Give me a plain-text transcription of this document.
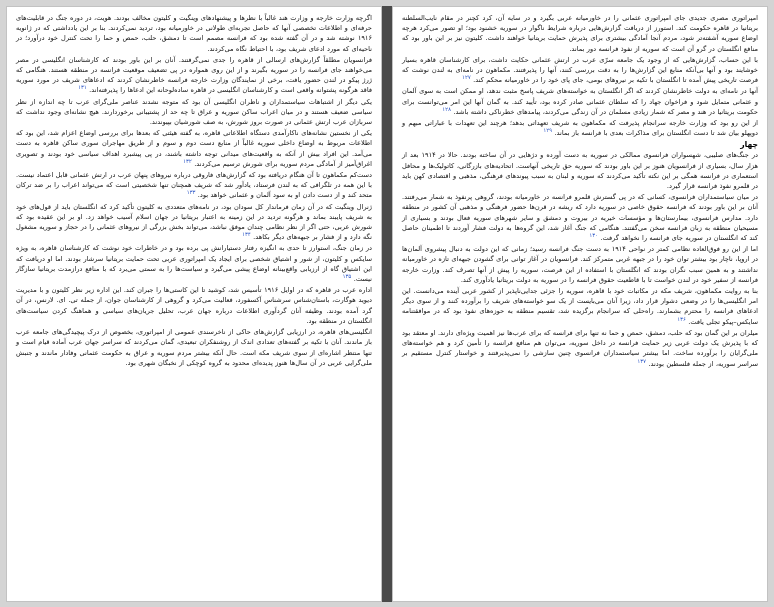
امپراتوری مصری جدیدی جای امپراتوری عثمانی را در خاورمیانه عربی بگیرد و در سایه آن، کرد کچنر در مقام نایب‌السلطنه بریتانیا در قاهره حکومت کند. استورز از دریافت گزارش‌هایی درباره شرایط ناگوار در سوریه خشنود بود؛ او تصور می‌کرد هرچه اوضاع سوریه آشفته‌تر شود، مردم آنجا آمادگی بیشتری برای پذیرش حمایت بریتانیا خواهند داشت. کلیتون نیز بر این باور بود که منافع انگلستان در گرو آن است که سوریه از نفوذ فرانسه دور بماند.

با این حساب، گزارش‌هایی که از وجود یک جامعه سرّی عرب در ارتش عثمانی حکایت داشت، برای کارشناسان قاهره بسیار خوشایند بود و آنها بی‌آنکه منابع این گزارش‌ها را به دقت بررسی کنند، آنها را پذیرفتند. مکماهون در نامه‌ای به لندن نوشت که فرصت تاریخی پیش آمده تا انگلستان با تکیه بر نیروهای بومی، جای پای خود را در خاورمیانه محکم کند. $^{۱۲۷}$

آنها در نامه‌ای به دولت خاطرنشان کردند که اگر انگلستان به خواسته‌های شریف پاسخ مثبت ندهد، او ممکن است به سوی آلمان و عثمانی متمایل شود و فراخوان جهاد را که سلطان عثمانی صادر کرده بود، تأیید کند. به گمان آنها این امر می‌توانست برای حکومت بریتانیا در هند و مصر که شمار زیادی مسلمان در آن زندگی می‌کردند، پیامدهای خطرناکی داشته باشد. $^{۱۲۸}$

از این رو بود که وزارت خارجه سرانجام پذیرفت که مکماهون به شریف تعهداتی بدهد؛ هرچند این تعهدات با عباراتی مبهم و دوپهلو بیان شد تا دست انگلستان برای مذاکرات بعدی با فرانسه باز بماند. $^{۱۲۹}$

چهار

در جنگ‌های صلیبی، شهسواران فرانسوی ممالکی در سوریه به دست آورده و دژهایی در آن ساخته بودند. حالا در ۱۹۱۴ بعد از هزار سال، بسیاری از فرانسویان هنوز بر این باور بودند که سوریه حق تاریخی آنهاست. اتحادیه‌های بازرگانی، کاتولیک‌ها و محافل استعماری در فرانسه همگی بر این نکته تأکید می‌کردند که سوریه و لبنان به سبب پیوندهای فرهنگی، مذهبی و اقتصادی کهن باید در قلمرو نفوذ فرانسه قرار گیرد.

در میان سیاستمداران فرانسوی، کسانی که در پی گسترش قلمرو فرانسه در خاورمیانه بودند، گروهی پرنفوذ به شمار می‌رفتند. آنان بر این باور بودند که فرانسه حقوق خاصی در سوریه دارد که ریشه در قرن‌ها حضور فرهنگی و مذهبی آن کشور در منطقه دارد. مدارس فرانسوی، بیمارستان‌ها و مؤسسات خیریه در بیروت و دمشق و سایر شهرهای سوریه فعال بودند و بسیاری از مسیحیان منطقه به زبان فرانسه سخن می‌گفتند. هنگامی که جنگ آغاز شد، این گروه‌ها به دولت فشار آوردند تا اطمینان حاصل کند که انگلستان در سوریه جای فرانسه را نخواهد گرفت. $^{۱۳۰}$

اما از این رو فوق‌العاده نظامی کمتر در نواحی ۱۹۱۴ به دست جنگ فرانسه رسید؛ زمانی که این دولت به دنبال پیشروی آلمان‌ها در اروپا، ناچار بود بیشتر توان خود را در جبهه غربی متمرکز کند. فرانسویان در آغاز توانی برای گشودن جبهه‌ای تازه در خاورمیانه نداشتند و به همین سبب نگران بودند که انگلستان با استفاده از این فرصت، سوریه را پیش از آنها تصرف کند. وزارت خارجه فرانسه از سفیر خود در لندن خواست تا با قاطعیت حقوق فرانسه را در سوریه به دولت بریتانیا یادآوری کند.

بنا به روایت مکماهون، شریف مکه در مکاتبات خود با قاهره، سوریه را جزئی جدایی‌ناپذیر از کشور عربی آینده می‌دانست. این امر انگلیسی‌ها را در وضعی دشوار قرار داد، زیرا آنان می‌بایست از یک سو خواسته‌های شریف را برآورده کنند و از سوی دیگر ادعاهای فرانسه را محترم بشمارند. راه‌حلی که سرانجام برگزیده شد، تقسیم منطقه به حوزه‌های نفوذ بود که در موافقتنامه سایکس–پیکو تجلی یافت. $^{۱۳۶}$

میلران بر این گمان بود که حلب، دمشق، حمص و حما نه تنها برای فرانسه که برای عرب‌ها نیز اهمیت ویژه‌ای دارند. او معتقد بود که با پذیرش یک دولت عربی زیر حمایت فرانسه در داخل سوریه، می‌توان هم منافع فرانسه را تأمین کرد و هم خواسته‌های ملی‌گرایان را برآورده ساخت. اما بیشتر سیاستمداران فرانسوی چنین سازشی را نمی‌پذیرفتند و خواستار کنترل مستقیم بر سراسر سوریه، از جمله فلسطین بودند. $^{۱۳۷}$

اگرچه وزارت خارجه و وزارت هند غالباً با نظرها و پیشنهادهای وینگیت و کلیتون مخالف بودند. هویت، در دوره جنگ در قابلیت‌های حرفه‌ای و اطلاعات تخصصی آنها که حاصل تجربه‌ای طولانی در خاورمیانه بود، تردید نمی‌کردند. بنا بر این یادداشتی که در ژانویه ۱۹۱۶ نوشته شد و در آن گفته شده بود که فرانسه مصمم است تا دمشق، حلب، حمص و حما را تحت کنترل خود درآورد؛ در ناحیه‌ای که مورد ادعای شریف بود، با احتیاط نگاه می‌کردند.

فرانسویان مطلقاً گزارش‌های ارسالی از قاهره را جدی نمی‌گرفتند. آنان بر این باور بودند که کارشناسان انگلیسی در مصر می‌خواهند جای فرانسه را در سوریه بگیرند و از این روی همواره در پی تضعیف موقعیت فرانسه در منطقه هستند. هنگامی که ژرژ پیکو در لندن حضور یافت، برخی از نمایندگان وزارت خارجه فرانسه خاطرنشان کردند که ادعاهای شریف در مورد سوریه فاقد هرگونه پشتوانه واقعی است و کارشناسان انگلیسی در قاهره ساده‌لوحانه این ادعاها را پذیرفته‌اند. $^{۱۳۱}$

یکی دیگر از اشتباهات سیاستمداران و ناظران انگلیسی آن بود که متوجه نشدند عناصر ملی‌گرای عرب تا چه اندازه از نظر سیاسی ضعیف هستند و در میان اعراب ساکن سوریه و عراق تا چه حد از پشتیبانی برخوردارند. هیچ نشانه‌ای وجود نداشت که سربازان عرب ارتش عثمانی در صورت بروز شورش، به صف شورشیان بپیوندند.

یکی از نخستین نشانه‌های ناکارآمدی دستگاه اطلاعاتی قاهره، به گفته هیئتی که بعدها برای بررسی اوضاع اعزام شد، این بود که اطلاعات مربوط به اوضاع داخلی سوریه غالباً از منابع دست دوم و سوم و از طریق مهاجران سوری ساکن قاهره به دست می‌آمد. این افراد بیش از آنکه به واقعیت‌های میدانی توجه داشته باشند، در پی پیشبرد اهداف سیاسی خود بودند و تصویری اغراق‌آمیز از آمادگی مردم سوریه برای شورش ترسیم می‌کردند. $^{۱۳۲}$

دست‌کم مکماهون تا آن هنگام دریافته بود که گزارش‌های فاروقی درباره نیروهای پنهان عرب در ارتش عثمانی قابل اعتماد نیست. با این همه در تلگرافی که به لندن فرستاد، یادآور شد که شریف همچنان تنها شخصیتی است که می‌تواند اعراب را بر ضد ترکان متحد کند و از دست دادن او به سود آلمان و عثمانی خواهد بود. $^{۱۳۳}$

ژنرال وینگیت که در آن زمان فرماندار کل سودان بود، در نامه‌های متعددی به کلیتون تأکید کرد که انگلستان باید از قول‌های خود به شریف پایبند بماند و هرگونه تردید در این زمینه به اعتبار بریتانیا در جهان اسلام آسیب خواهد زد. او بر این عقیده بود که شورش عربی، حتی اگر از نظر نظامی چندان موفق نباشد، می‌تواند بخش بزرگی از نیروهای عثمانی را در حجاز و سوریه مشغول نگه دارد و از فشار بر جبهه‌های دیگر بکاهد. $^{۱۳۴}$

در زمان جنگ، استوارز تا حدی به انگیزه رفتار دستیارانش پی برده بود و در خاطرات خود نوشت که کارشناسان قاهره، به ویژه سایکس و کلیتون، از شور و اشتیاق شخصی برای ایجاد یک امپراتوری عربی تحت حمایت بریتانیا سرشار بودند. اما او دریافت که این اشتیاق گاه از ارزیابی واقع‌بینانه اوضاع پیشی می‌گیرد و سیاست‌ها را به سمتی می‌برد که با منافع درازمدت بریتانیا سازگار نیست. $^{۱۳۵}$

اداره عرب در قاهره که در اوایل ۱۹۱۶ تأسیس شد، کوشید تا این کاستی‌ها را جبران کند. این اداره زیر نظر کلیتون و با مدیریت دیوید هوگارت، باستان‌شناس سرشناس آکسفورد، فعالیت می‌کرد و گروهی از کارشناسان جوان، از جمله تی. ای. لارنس، در آن گرد آمده بودند. وظیفه آنان گردآوری اطلاعات درباره جهان عرب، تحلیل جریان‌های سیاسی و هماهنگ کردن سیاست‌های انگلستان در منطقه بود.

انگلیسی‌های قاهره، در ارزیابی گزارش‌های حاکی از ناخرسندی عمومی از امپراتوری، بخصوص از درک پیچیدگی‌های جامعه عرب باز ماندند. آنان با تکیه بر گفته‌های تعدادی اندک از روشنفکران تبعیدی، گمان می‌کردند که سراسر جهان عرب آماده قیام است و تنها منتظر اشاره‌ای از سوی شریف مکه است. حال آنکه بیشتر مردم سوریه و عراق به حکومت عثمانی وفادار ماندند و جنبش ملی‌گرایی عربی در آن سال‌ها هنوز پدیده‌ای محدود به گروه کوچکی از نخبگان شهری بود.
